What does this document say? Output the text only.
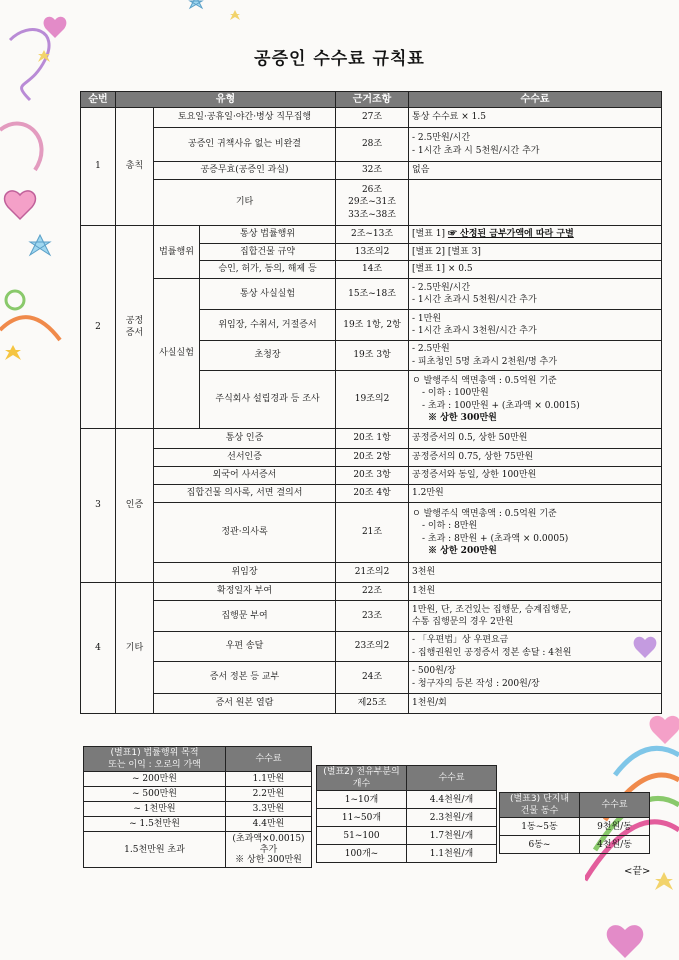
공증인 수수료 규칙표
순번	유형			근거조항	수수료
1	총칙	토요일·공휴일·야간·병상 직무집행		27조	통상 수수료 × 1.5
		공증인 귀책사유 없는 비완결		28조	- 2.5만원/시간
- 1시간 초과 시 5천원/시간 추가

		공증무효(공증인 과실)		32조	없음
		기타		26조
29조~31조
33조~38조	

2	공정
증서	법률행위	통상 법률행위	2조~13조	[별표 1] ☞ 산정된 금부가액에 따라 구별
			집합건물 규약	13조의2	[별표 2] [별표 3]
			승인, 허가, 동의, 해제 등	14조	[별표 1] × 0.5
		사실실험	통상 사실실험	15조~18조	- 2.5만원/시간
- 1시간 초과시 5천원/시간 추가

			위임장, 수취서, 거절증서	19조 1항, 2항	- 1만원
- 1시간 초과시 3천원/시간 추가

			초청장	19조 3항	- 2.5만원
- 피초청인 5명 초과시 2천원/명 추가

			주식회사 설립경과 등 조사	19조의2	ㅇ 발행주식 액면총액 : 0.5억원 기준
- 이하 : 100만원
- 초과 : 100만원 + (초과액 × 0.0015)
※ 상한 300만원

3	인증	통상 인증		20조 1항	공정증서의 0.5, 상한 50만원
		선서인증		20조 2항	공정증서의 0.75, 상한 75만원
		외국어 사서증서		20조 3항	공정증서와 동일, 상한 100만원
		집합건물 의사록, 서면 결의서		20조 4항	1.2만원
		정관·의사록		21조	ㅇ 발행주식 액면총액 : 0.5억원 기준
- 이하 : 8만원
- 초과 : 8만원 + (초과액 × 0.0005)
※ 상한 200만원

		위임장		21조의2	3천원
4	기타	확정일자 부여		22조	1천원
		집행문 부여		23조	1만원, 단, 조건있는 집행문, 승계집행문,
수통 집행문의 경우 2만원

		우편 송달		23조의2	- 「우편법」상 우편요금
- 집행권원인 공정증서 정본 송달 : 4천원

		증서 정본 등 교부		24조	- 500원/장
- 청구자의 등본 작성 : 200원/장

		증서 원본 열람		제25조	1천원/회
(별표1) 법률행위 목적
또는 이익 : 오로의 가액	수수료
~ 200만원	1.1만원
~ 500만원	2.2만원
~ 1천만원	3.3만원
~ 1.5천만원	4.4만원
1.5천만원 초과	(초과액×0.0015)
추가
※ 상한 300만원
(별표2) 전유부분의
개수	수수료
1~10개	4.4천원/개
11~50개	2.3천원/개
51~100	1.7천원/개
100개~	1.1천원/개
(별표3) 단지내
건물 동수	수수료
1동~5동	9천원/동
6동~	4천원/동
<끝>
